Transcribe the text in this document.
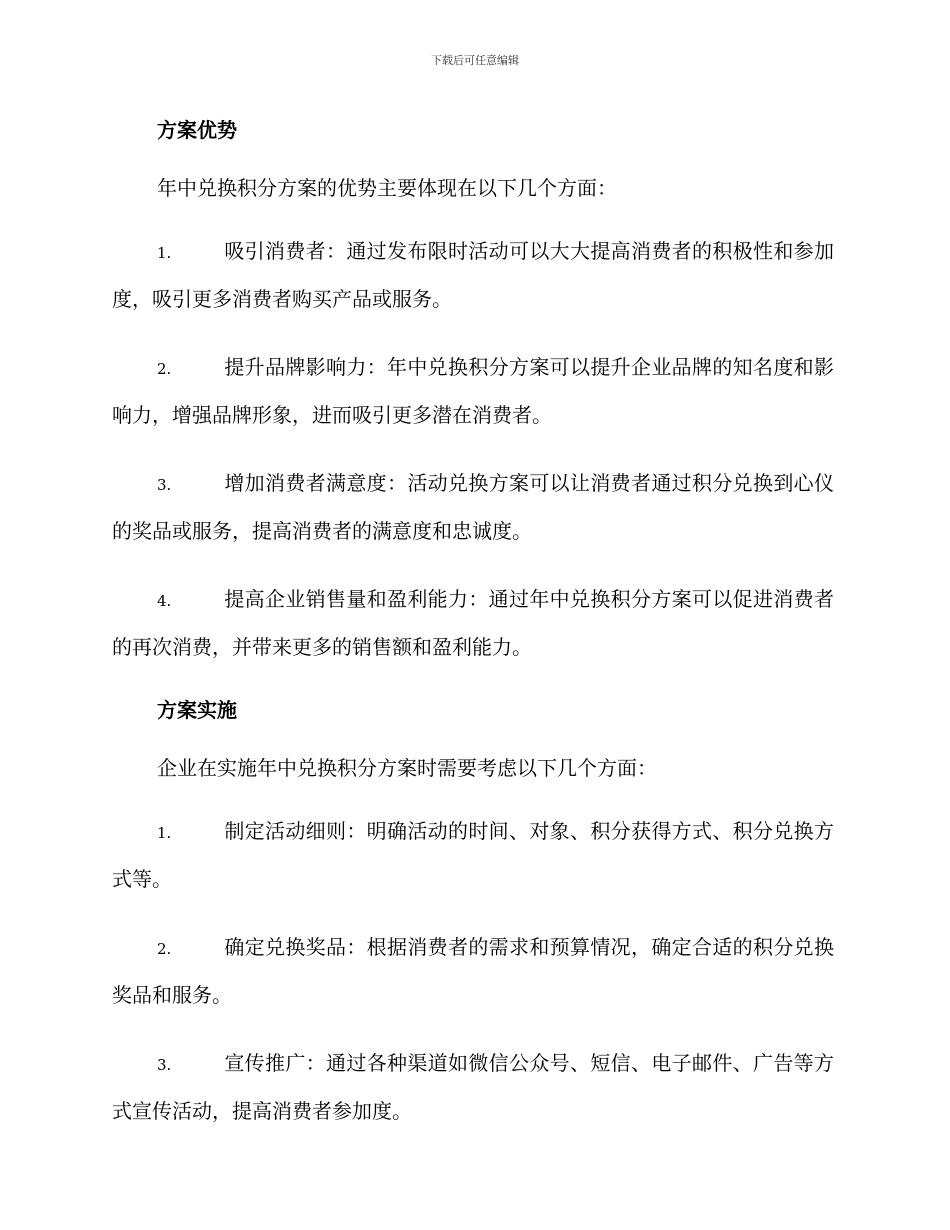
下载后可任意编辑
方案优势

年中兑换积分方案的优势主要体现在以下几个方面：

1.	吸引消费者：通过发布限时活动可以大大提高消费者的积极性和参加度，吸引更多消费者购买产品或服务。

2.	提升品牌影响力：年中兑换积分方案可以提升企业品牌的知名度和影响力，增强品牌形象，进而吸引更多潜在消费者。

3.	增加消费者满意度：活动兑换方案可以让消费者通过积分兑换到心仪的奖品或服务，提高消费者的满意度和忠诚度。

4.	提高企业销售量和盈利能力：通过年中兑换积分方案可以促进消费者的再次消费，并带来更多的销售额和盈利能力。

方案实施

企业在实施年中兑换积分方案时需要考虑以下几个方面：

1.	制定活动细则：明确活动的时间、对象、积分获得方式、积分兑换方式等。

2.	确定兑换奖品：根据消费者的需求和预算情况，确定合适的积分兑换奖品和服务。

3.	宣传推广：通过各种渠道如微信公众号、短信、电子邮件、广告等方式宣传活动，提高消费者参加度。
